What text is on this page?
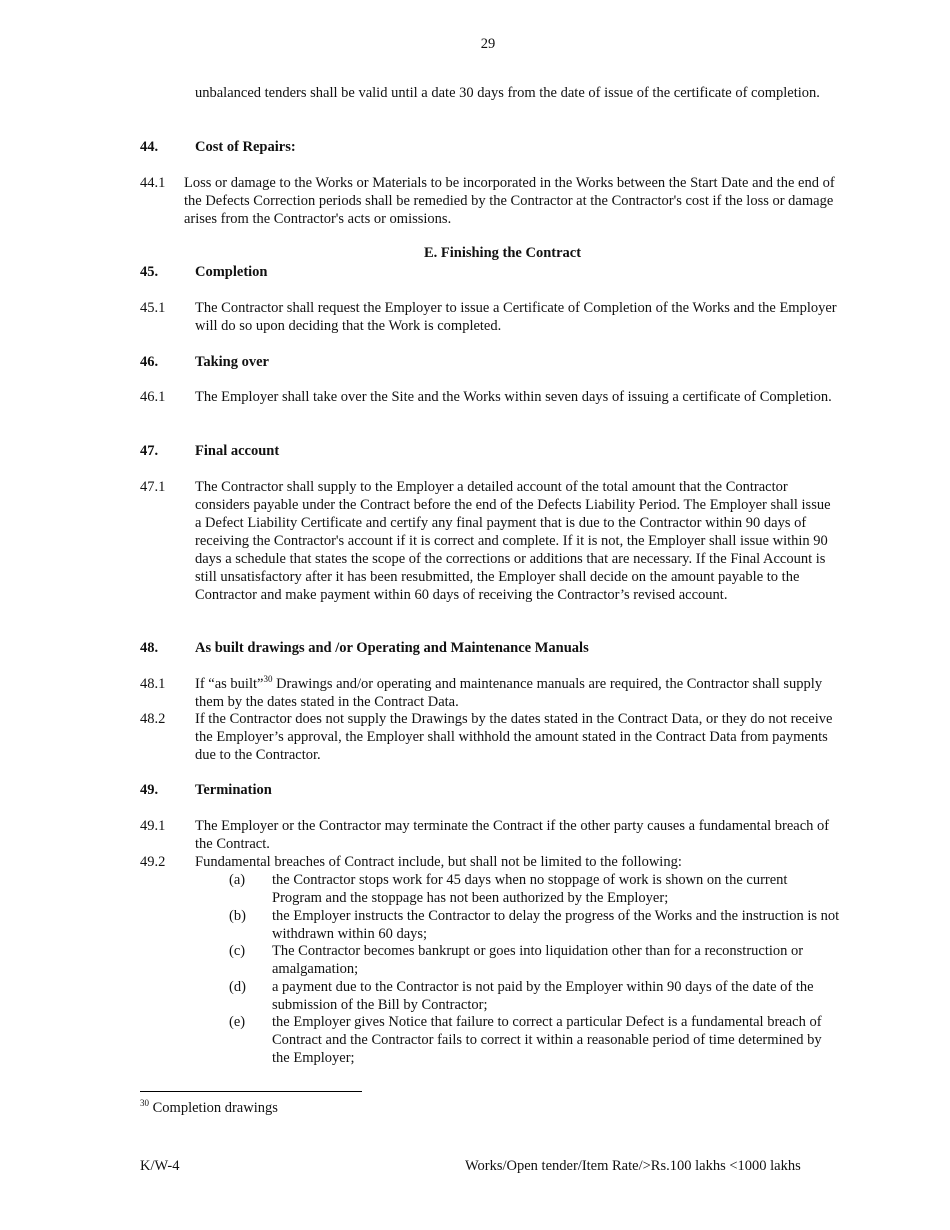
29
unbalanced tenders shall be valid until a date 30 days from the date of issue of the certificate of completion.
44.	Cost of Repairs:
44.1 Loss or damage to the Works or Materials to be incorporated in the Works between the Start Date and the end of the Defects Correction periods shall be remedied by the Contractor at the Contractor's cost if the loss or damage arises from the Contractor's acts or omissions.
E. Finishing the Contract
45.	Completion
45.1 The Contractor shall request the Employer to issue a Certificate of Completion of the Works and the Employer will do so upon deciding that the Work is completed.
46.	Taking over
46.1 The Employer shall take over the Site and the Works within seven days of issuing a certificate of Completion.
47.	Final account
47.1 The Contractor shall supply to the Employer a detailed account of the total amount that the Contractor considers payable under the Contract before the end of the Defects Liability Period. The Employer shall issue a Defect Liability Certificate and certify any final payment that is due to the Contractor within 90 days of receiving the Contractor's account if it is correct and complete. If it is not, the Employer shall issue within 90 days a schedule that states the scope of the corrections or additions that are necessary. If the Final Account is still unsatisfactory after it has been resubmitted, the Employer shall decide on the amount payable to the Contractor and make payment within 60 days of receiving the Contractor’s revised account.
48.	As built drawings and /or Operating and Maintenance Manuals
48.1 If “as built”$^{30}$ Drawings and/or operating and maintenance manuals are required, the Contractor shall supply them by the dates stated in the Contract Data.
48.2 If the Contractor does not supply the Drawings by the dates stated in the Contract Data, or they do not receive the Employer’s approval, the Employer shall withhold the amount stated in the Contract Data from payments due to the Contractor.
49.	Termination
49.1 The Employer or the Contractor may terminate the Contract if the other party causes a fundamental breach of the Contract.
49.2 Fundamental breaches of Contract include, but shall not be limited to the following:
(a) the Contractor stops work for 45 days when no stoppage of work is shown on the current Program and the stoppage has not been authorized by the Employer;
(b) the Employer instructs the Contractor to delay the progress of the Works and the instruction is not withdrawn within 60 days;
(c) The Contractor becomes bankrupt or goes into liquidation other than for a reconstruction or amalgamation;
(d) a payment due to the Contractor is not paid by the Employer within 90 days of the date of the submission of the Bill by Contractor;
(e) the Employer gives Notice that failure to correct a particular Defect is a fundamental breach of Contract and the Contractor fails to correct it within a reasonable period of time determined by the Employer;
$^{30}$ Completion drawings
K/W-4	Works/Open tender/Item Rate/>Rs.100 lakhs <1000 lakhs
